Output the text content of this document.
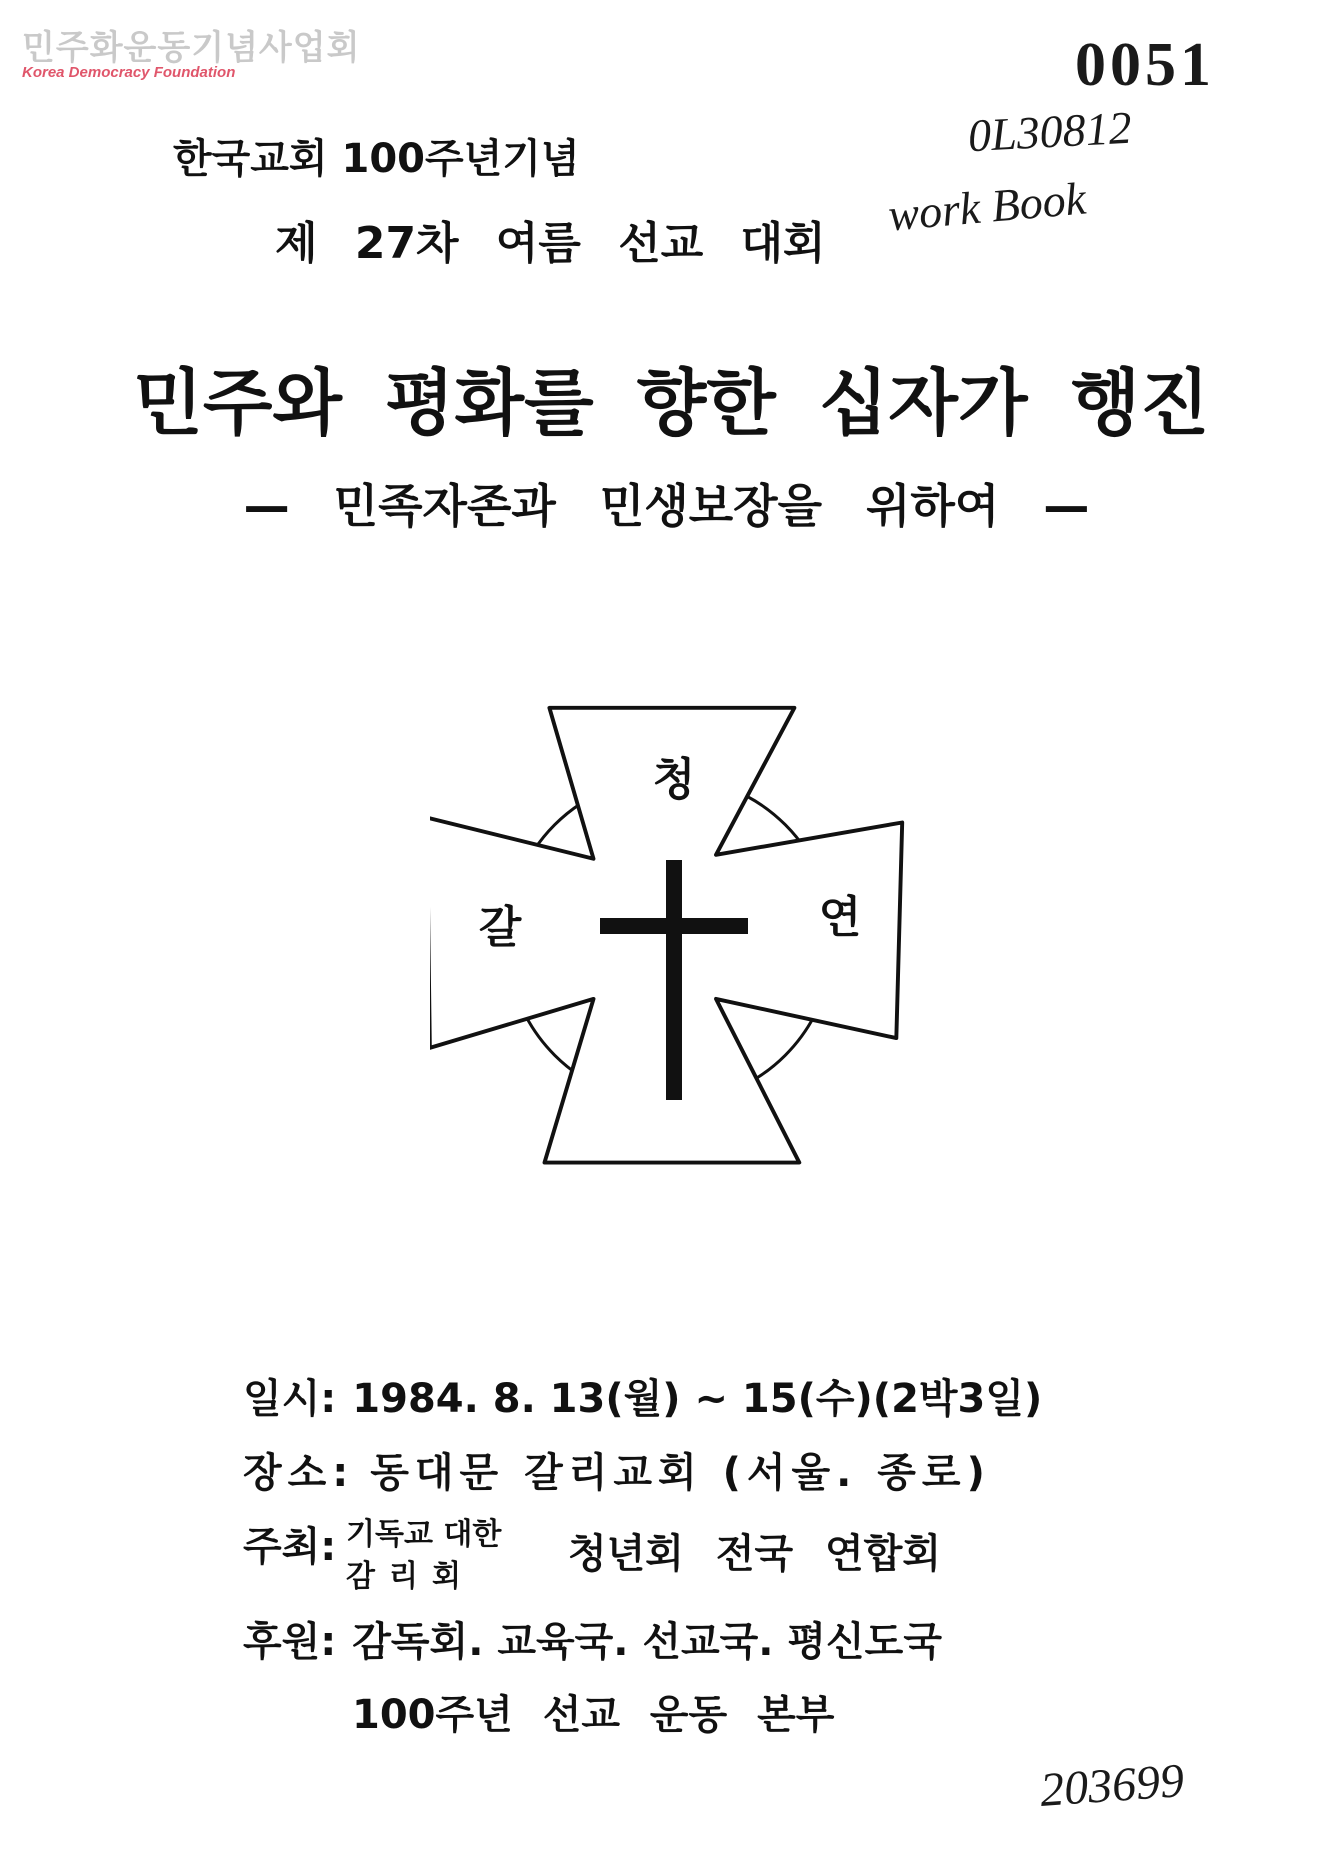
민주화운동기념사업회
Korea Democracy Foundation	0051
0L30812
work Book
한국교회 100주년기념
제 27차 여름 선교 대회
민주와 평화를 향한 십자가 행진
— 민족자존과 민생보장을 위하여 —
청
갈	연
일시: 1984. 8. 13(월) ~ 15(수)(2박3일)
장소: 동대문 갈리교회 (서울. 종로)
주최: 기독교 대한
감리회 청년회 전국 연합회
후원: 감독회. 교육국. 선교국. 평신도국
100주년 선교 운동 본부
203699
